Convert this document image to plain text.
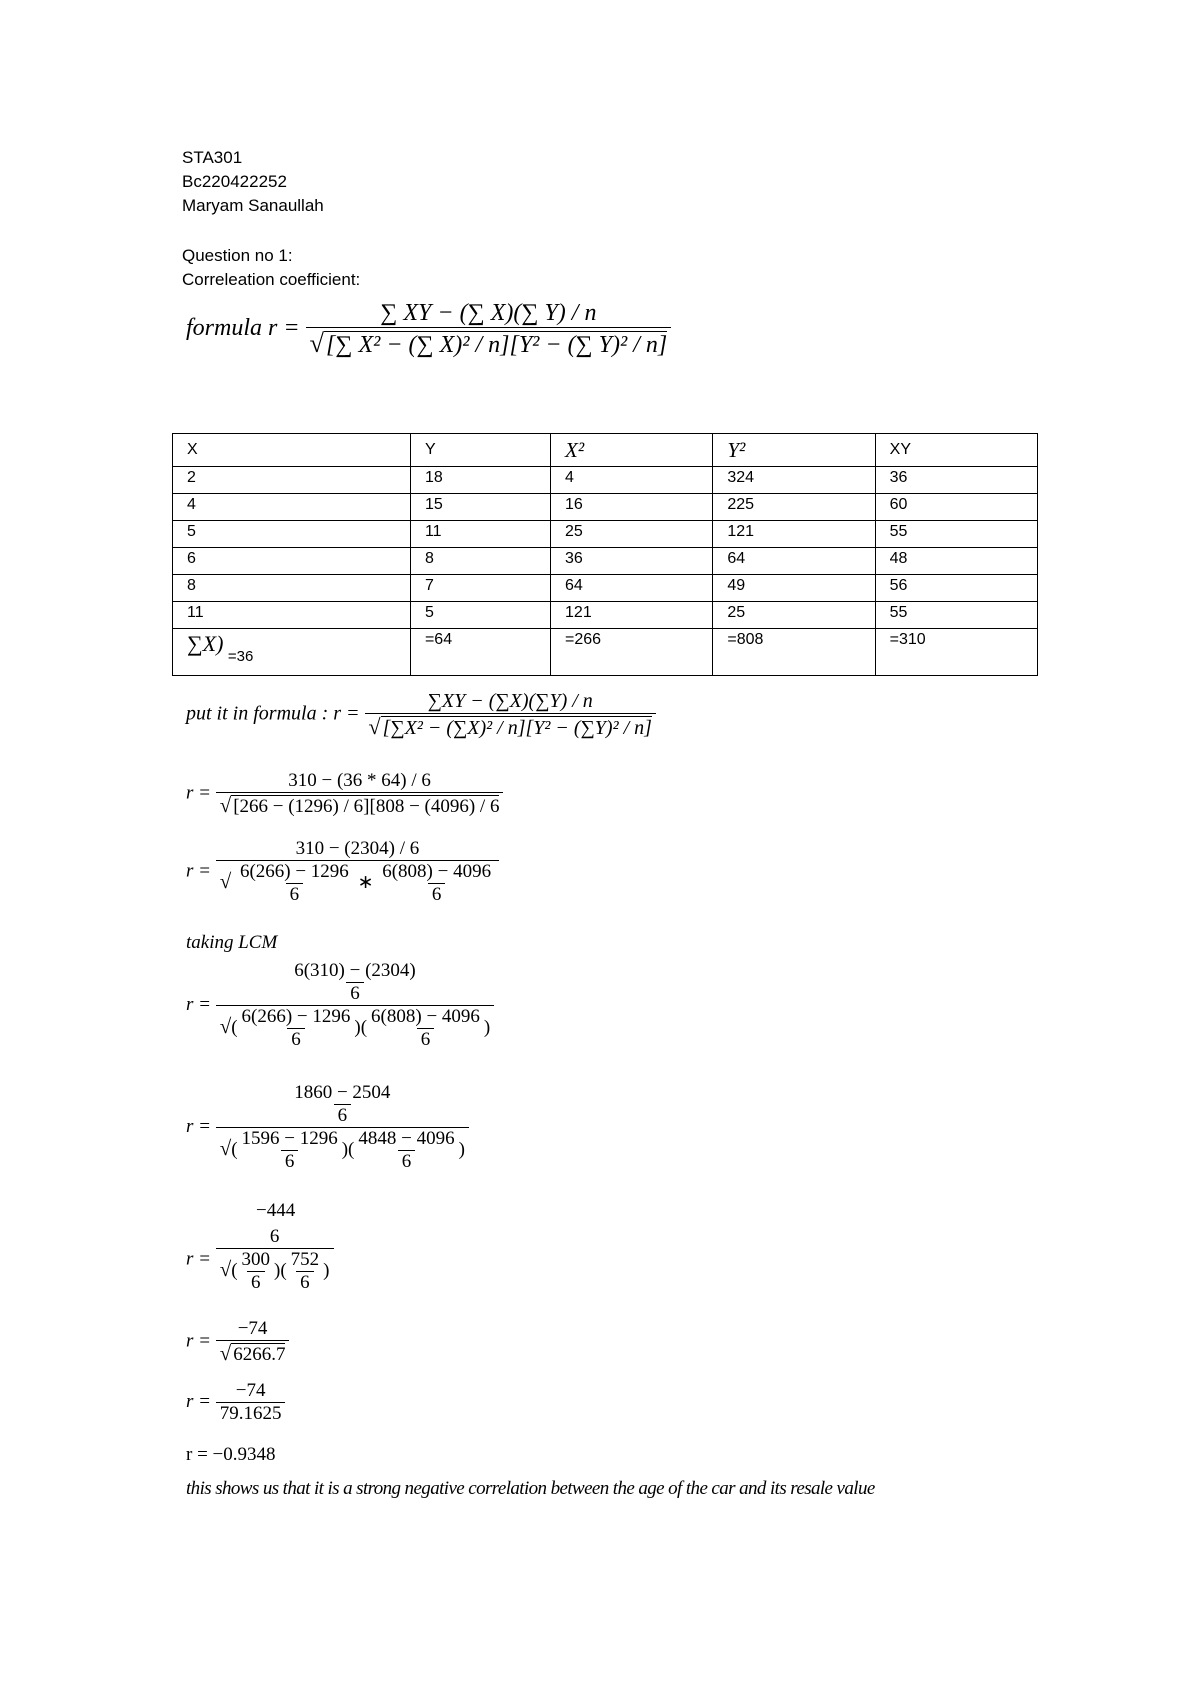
STA301
Bc220422252
Maryam Sanaullah
Question no 1:
Correleation coefficient:
formula $r = \frac{\sum XY - (\sum X)(\sum Y) / n}{\text{√[∑ X² − (∑ X)² / n][Y² − (∑ Y)² / n]}}$
X	Y	X²	Y²	XY
2	18	4	324	36
4	15	16	225	60
5	11	25	121	55
6	8	36	64	48
8	7	64	49	56
11	5	121	25	55
∑X) =36	=64	=266	=808	=310
put it in formula : $r = \frac{\sum XY - (\sum X)(\sum Y) / n}{\text{√ [∑X² − (∑X)² / n][Y² − (∑Y)² / n]}}$
$r = \frac{310 - (36 * 64) / 6}{√ [266 - (1296) / 6][808 - (4096) / 6}$
$r = \frac{310 - (2304) / 6}{√ \frac{6(266) - 1296}{6} ∗ \frac{6(808) - 4096}{6}}$
taking LCM
$r = \frac{\frac{6(310) - (2304)}{6}}{√( \frac{6(266) - 1296}{6} )( \frac{6(808) - 4096}{6} )}$
$r = \frac{\frac{1860 - 2504}{6}}{√( \frac{1596 - 1296}{6} )( \frac{4848 - 4096}{6} )}$
−444
$r = \frac{6}{√( \frac{300}{6} )( \frac{752}{6} )}$
$r = \frac{-74}{√ 6266.7}$
$r = \frac{-74}{79.1625}$
r = −0.9348
this shows us that it is a strong negative correlation between the age of the car and its resale value
